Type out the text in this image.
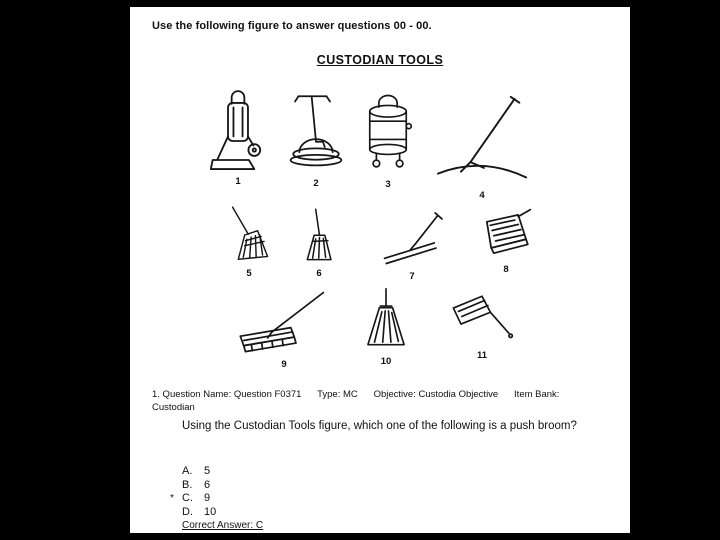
Use the following figure to answer questions 00 - 00.
CUSTODIAN TOOLS
1	2	3
4
5	6	7
8
9	10
11
1. Question Name: Question F0371      Type: MC      Objective: Custodia Objective      Item Bank:
Custodian
Using the Custodian Tools figure, which one of the following is a push broom?
A.	5
B.	6
* C.	9
D.	10
Correct Answer: C
